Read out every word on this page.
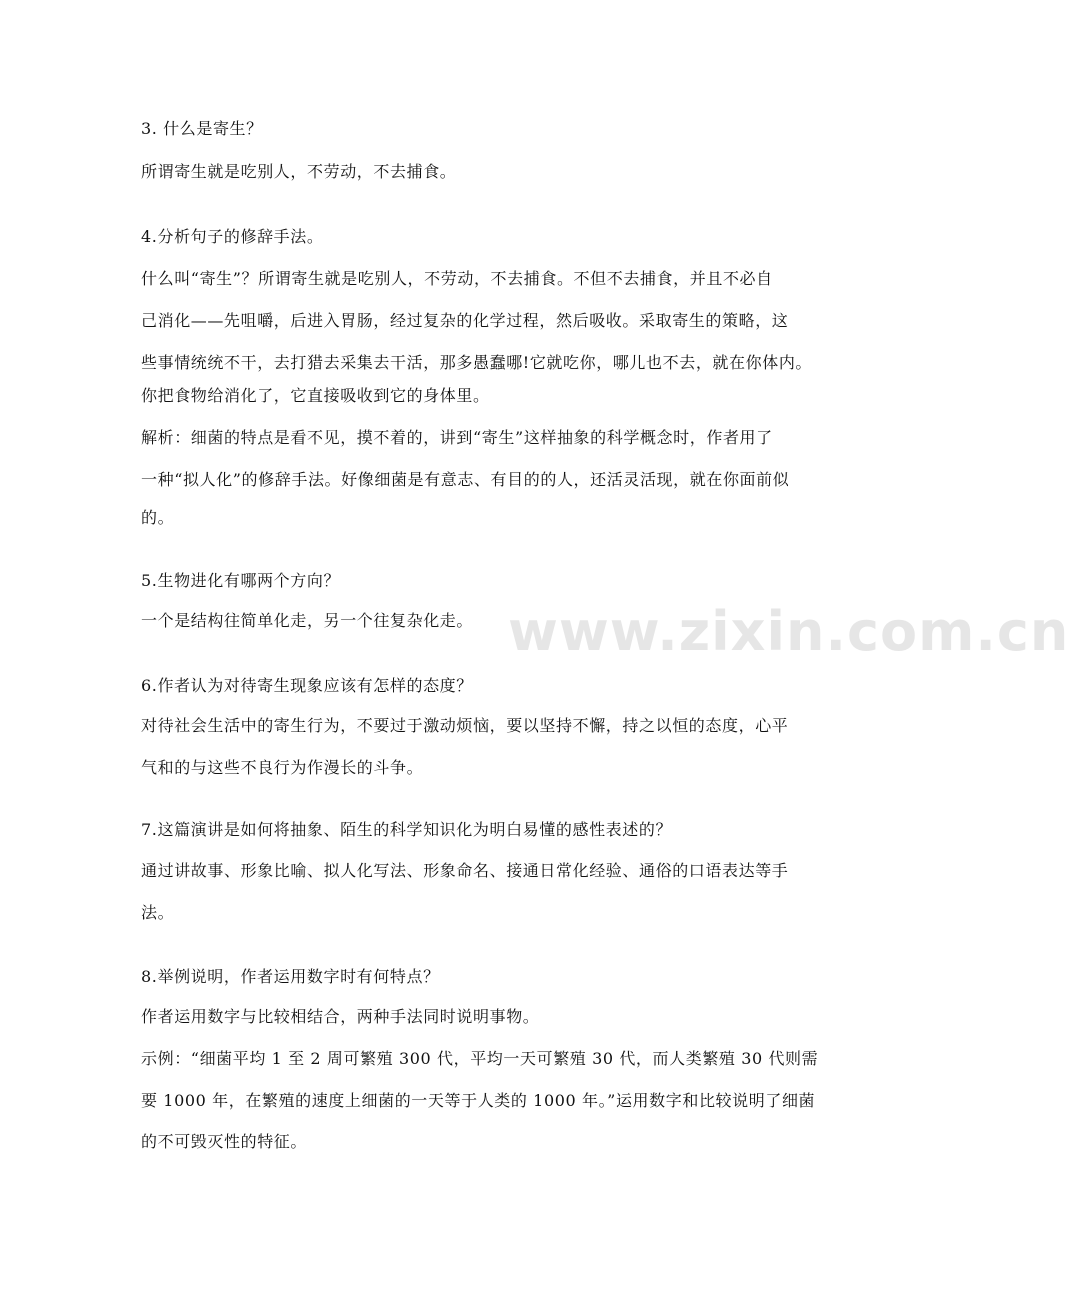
www.zixin.com.cn
3. 什么是寄生？
所谓寄生就是吃别人，不劳动，不去捕食。
4.分析句子的修辞手法。
什么叫“寄生”？所谓寄生就是吃别人，不劳动，不去捕食。不但不去捕食，并且不必自
己消化——先咀嚼，后进入胃肠，经过复杂的化学过程，然后吸收。采取寄生的策略，这
些事情统统不干，去打猎去采集去干活，那多愚蠢哪!它就吃你，哪儿也不去，就在你体内。
你把食物给消化了，它直接吸收到它的身体里。
解析：细菌的特点是看不见，摸不着的，讲到“寄生”这样抽象的科学概念时，作者用了
一种“拟人化”的修辞手法。好像细菌是有意志、有目的的人，还活灵活现，就在你面前似
的。
5.生物进化有哪两个方向？
一个是结构往简单化走，另一个往复杂化走。
6.作者认为对待寄生现象应该有怎样的态度？
对待社会生活中的寄生行为，不要过于激动烦恼，要以坚持不懈，持之以恒的态度，心平
气和的与这些不良行为作漫长的斗争。
7.这篇演讲是如何将抽象、陌生的科学知识化为明白易懂的感性表述的？
通过讲故事、形象比喻、拟人化写法、形象命名、接通日常化经验、通俗的口语表达等手
法。
8.举例说明，作者运用数字时有何特点？
作者运用数字与比较相结合，两种手法同时说明事物。
示例：“细菌平均 1 至 2 周可繁殖 300 代，平均一天可繁殖 30 代，而人类繁殖 30 代则需
要 1000 年，在繁殖的速度上细菌的一天等于人类的 1000 年。”运用数字和比较说明了细菌
的不可毁灭性的特征。
